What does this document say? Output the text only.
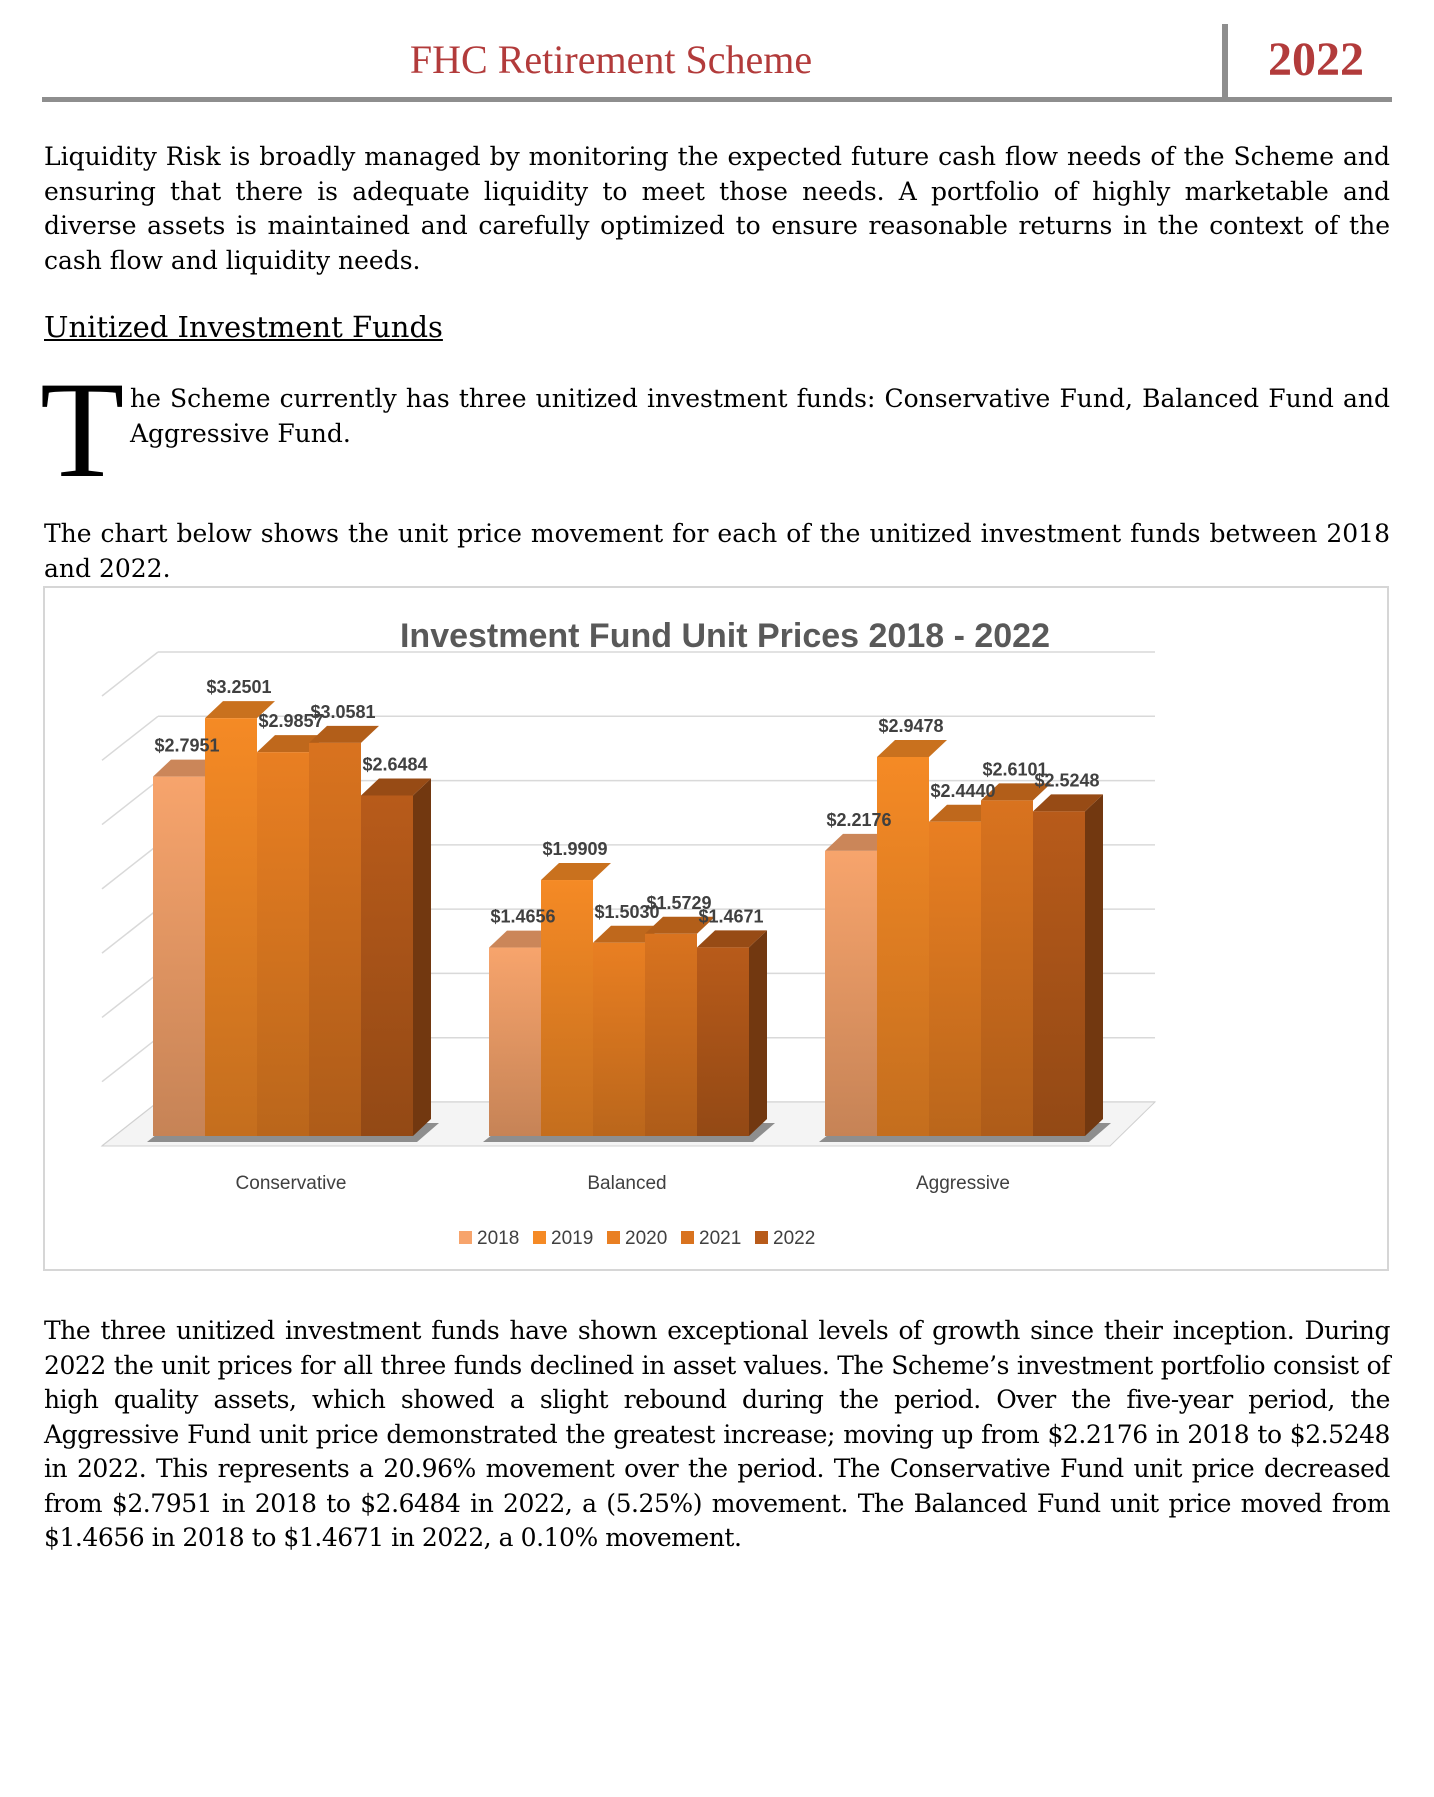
FHC Retirement Scheme	2022

Liquidity Risk is broadly managed by monitoring the expected future cash flow needs of the Scheme and ensuring that there is adequate liquidity to meet those needs. A portfolio of highly marketable and diverse assets is maintained and carefully optimized to ensure reasonable returns in the context of the cash flow and liquidity needs.

Unitized Investment Funds
T he Scheme currently has three unitized investment funds: Conservative Fund, Balanced Fund and Aggressive Fund.

The chart below shows the unit price movement for each of the unitized investment funds between 2018 and 2022.

Investment Fund Unit Prices 2018 - 2022
$2.7951
$3.2501
$2.9857
$3.0581
$2.6484
$1.4656
$1.9909
$1.5030
$1.5729
$1.4671
$2.2176
$2.9478
$2.4440
$2.6101
$2.5248
Conservative	Balanced	Aggressive
2018 2019 2020 2021 2022

The three unitized investment funds have shown exceptional levels of growth since their inception. During 2022 the unit prices for all three funds declined in asset values. The Scheme’s investment portfolio consist of high quality assets, which showed a slight rebound during the period. Over the five-year period, the Aggressive Fund unit price demonstrated the greatest increase; moving up from $2.2176 in 2018 to $2.5248 in 2022. This represents a 20.96% movement over the period. The Conservative Fund unit price decreased from $2.7951 in 2018 to $2.6484 in 2022, a (5.25%) movement. The Balanced Fund unit price moved from $1.4656 in 2018 to $1.4671 in 2022, a 0.10% movement.
